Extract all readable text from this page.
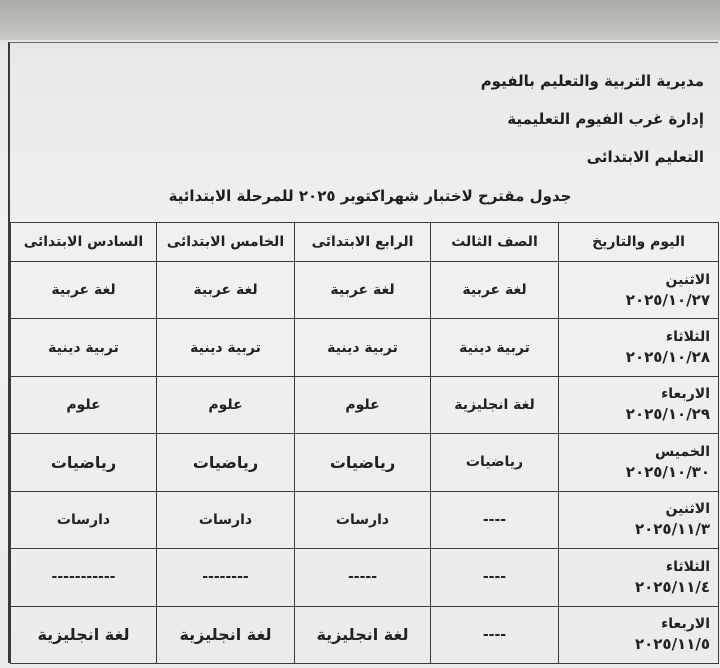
مديرية التربية والتعليم بالفيوم
إدارة غرب الفيوم التعليمية
التعليم الابتدائى
جدول مقترح لاختبار شهراكتوبر ٢٠٢٥ للمرحلة الابتدائية
اليوم والتاريخ	الصف الثالث	الرابع الابتدائى	الخامس الابتدائى	السادس الابتدائى

الاثنين
٢٠٢٥/١٠/٢٧	لغة عربية	لغة عربية	لغة عربية	لغة عربية

الثلاثاء
٢٠٢٥/١٠/٢٨	تربية دينية	تربية دينية	تربية دينية	تربية دينية

الاربعاء
٢٠٢٥/١٠/٢٩	لغة انجليزية	علوم	علوم	علوم

الخميس
٢٠٢٥/١٠/٣٠	رياضيات	رياضيات	رياضيات	رياضيات

الاثنين
٢٠٢٥/١١/٣	----	دارسات	دارسات	دارسات

الثلاثاء
٢٠٢٥/١١/٤	----	-----	--------	-----------

الاربعاء
٢٠٢٥/١١/٥	----	لغة انجليزية	لغة انجليزية	لغة انجليزية
